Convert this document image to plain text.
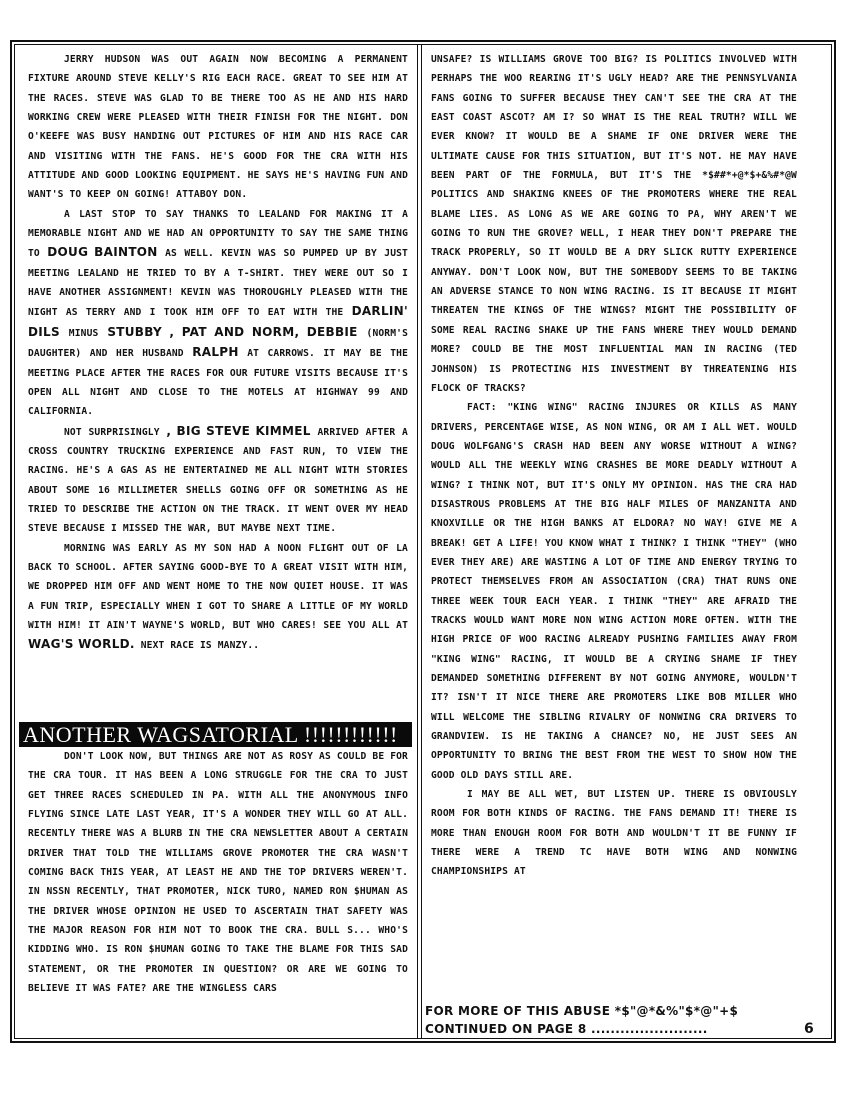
JERRY HUDSON WAS OUT AGAIN NOW BECOMING A PERMANENT FIXTURE AROUND STEVE KELLY'S RIG EACH RACE. GREAT TO SEE HIM AT THE RACES. STEVE WAS GLAD TO BE THERE TOO AS HE AND HIS HARD WORKING CREW WERE PLEASED WITH THEIR FINISH FOR THE NIGHT. DON O'KEEFE WAS BUSY HANDING OUT PICTURES OF HIM AND HIS RACE CAR AND VISITING WITH THE FANS. HE'S GOOD FOR THE CRA WITH HIS ATTITUDE AND GOOD LOOKING EQUIPMENT. HE SAYS HE'S HAVING FUN AND WANT'S TO KEEP ON GOING! ATTABOY DON.

A LAST STOP TO SAY THANKS TO LEALAND FOR MAKING IT A MEMORABLE NIGHT AND WE HAD AN OPPORTUNITY TO SAY THE SAME THING TO DOUG BAINTON AS WELL. KEVIN WAS SO PUMPED UP BY JUST MEETING LEALAND HE TRIED TO BY A T-SHIRT. THEY WERE OUT SO I HAVE ANOTHER ASSIGNMENT! KEVIN WAS THOROUGHLY PLEASED WITH THE NIGHT AS TERRY AND I TOOK HIM OFF TO EAT WITH THE DARLIN' DILS MINUS STUBBY , PAT AND NORM, DEBBIE (NORM'S DAUGHTER) AND HER HUSBAND RALPH AT CARROWS. IT MAY BE THE MEETING PLACE AFTER THE RACES FOR OUR FUTURE VISITS BECAUSE IT'S OPEN ALL NIGHT AND CLOSE TO THE MOTELS AT HIGHWAY 99 AND CALIFORNIA.

NOT SURPRISINGLY , BIG STEVE KIMMEL ARRIVED AFTER A CROSS COUNTRY TRUCKING EXPERIENCE AND FAST RUN, TO VIEW THE RACING. HE'S A GAS AS HE ENTERTAINED ME ALL NIGHT WITH STORIES ABOUT SOME 16 MILLIMETER SHELLS GOING OFF OR SOMETHING AS HE TRIED TO DESCRIBE THE ACTION ON THE TRACK. IT WENT OVER MY HEAD STEVE BECAUSE I MISSED THE WAR, BUT MAYBE NEXT TIME.

MORNING WAS EARLY AS MY SON HAD A NOON FLIGHT OUT OF LA BACK TO SCHOOL. AFTER SAYING GOOD-BYE TO A GREAT VISIT WITH HIM, WE DROPPED HIM OFF AND WENT HOME TO THE NOW QUIET HOUSE. IT WAS A FUN TRIP, ESPECIALLY WHEN I GOT TO SHARE A LITTLE OF MY WORLD WITH HIM! IT AIN'T WAYNE'S WORLD, BUT WHO CARES! SEE YOU ALL AT WAG'S WORLD. NEXT RACE IS MANZY..

ANOTHER WAGSATORIAL !!!!!!!!!!!!

DON'T LOOK NOW, BUT THINGS ARE NOT AS ROSY AS COULD BE FOR THE CRA TOUR. IT HAS BEEN A LONG STRUGGLE FOR THE CRA TO JUST GET THREE RACES SCHEDULED IN PA. WITH ALL THE ANONYMOUS INFO FLYING SINCE LATE LAST YEAR, IT'S A WONDER THEY WILL GO AT ALL. RECENTLY THERE WAS A BLURB IN THE CRA NEWSLETTER ABOUT A CERTAIN DRIVER THAT TOLD THE WILLIAMS GROVE PROMOTER THE CRA WASN'T COMING BACK THIS YEAR, AT LEAST HE AND THE TOP DRIVERS WEREN'T. IN NSSN RECENTLY, THAT PROMOTER, NICK TURO, NAMED RON $HUMAN AS THE DRIVER WHOSE OPINION HE USED TO ASCERTAIN THAT SAFETY WAS THE MAJOR REASON FOR HIM NOT TO BOOK THE CRA. BULL S... WHO'S KIDDING WHO. IS RON $HUMAN GOING TO TAKE THE BLAME FOR THIS SAD STATEMENT, OR THE PROMOTER IN QUESTION? OR ARE WE GOING TO BELIEVE IT WAS FATE? ARE THE WINGLESS CARS

UNSAFE? IS WILLIAMS GROVE TOO BIG? IS POLITICS INVOLVED WITH PERHAPS THE WOO REARING IT'S UGLY HEAD? ARE THE PENNSYLVANIA FANS GOING TO SUFFER BECAUSE THEY CAN'T SEE THE CRA AT THE EAST COAST ASCOT? AM I? SO WHAT IS THE REAL TRUTH? WILL WE EVER KNOW? IT WOULD BE A SHAME IF ONE DRIVER WERE THE ULTIMATE CAUSE FOR THIS SITUATION, BUT IT'S NOT. HE MAY HAVE BEEN PART OF THE FORMULA, BUT IT'S THE *$##*+@*$+&%#*@W POLITICS AND SHAKING KNEES OF THE PROMOTERS WHERE THE REAL BLAME LIES. AS LONG AS WE ARE GOING TO PA, WHY AREN'T WE GOING TO RUN THE GROVE? WELL, I HEAR THEY DON'T PREPARE THE TRACK PROPERLY, SO IT WOULD BE A DRY SLICK RUTTY EXPERIENCE ANYWAY. DON'T LOOK NOW, BUT THE SOMEBODY SEEMS TO BE TAKING AN ADVERSE STANCE TO NON WING RACING. IS IT BECAUSE IT MIGHT THREATEN THE KINGS OF THE WINGS? MIGHT THE POSSIBILITY OF SOME REAL RACING SHAKE UP THE FANS WHERE THEY WOULD DEMAND MORE? COULD BE THE MOST INFLUENTIAL MAN IN RACING (TED JOHNSON) IS PROTECTING HIS INVESTMENT BY THREATENING HIS FLOCK OF TRACKS?

FACT: "KING WING" RACING INJURES OR KILLS AS MANY DRIVERS, PERCENTAGE WISE, AS NON WING, OR AM I ALL WET. WOULD DOUG WOLFGANG'S CRASH HAD BEEN ANY WORSE WITHOUT A WING? WOULD ALL THE WEEKLY WING CRASHES BE MORE DEADLY WITHOUT A WING? I THINK NOT, BUT IT'S ONLY MY OPINION. HAS THE CRA HAD DISASTROUS PROBLEMS AT THE BIG HALF MILES OF MANZANITA AND KNOXVILLE OR THE HIGH BANKS AT ELDORA? NO WAY! GIVE ME A BREAK! GET A LIFE! YOU KNOW WHAT I THINK? I THINK "THEY" (WHO EVER THEY ARE) ARE WASTING A LOT OF TIME AND ENERGY TRYING TO PROTECT THEMSELVES FROM AN ASSOCIATION (CRA) THAT RUNS ONE THREE WEEK TOUR EACH YEAR. I THINK "THEY" ARE AFRAID THE TRACKS WOULD WANT MORE NON WING ACTION MORE OFTEN. WITH THE HIGH PRICE OF WOO RACING ALREADY PUSHING FAMILIES AWAY FROM "KING WING" RACING, IT WOULD BE A CRYING SHAME IF THEY DEMANDED SOMETHING DIFFERENT BY NOT GOING ANYMORE, WOULDN'T IT? ISN'T IT NICE THERE ARE PROMOTERS LIKE BOB MILLER WHO WILL WELCOME THE SIBLING RIVALRY OF NONWING CRA DRIVERS TO GRANDVIEW. IS HE TAKING A CHANCE? NO, HE JUST SEES AN OPPORTUNITY TO BRING THE BEST FROM THE WEST TO SHOW HOW THE GOOD OLD DAYS STILL ARE.

I MAY BE ALL WET, BUT LISTEN UP. THERE IS OBVIOUSLY ROOM FOR BOTH KINDS OF RACING. THE FANS DEMAND IT! THERE IS MORE THAN ENOUGH ROOM FOR BOTH AND WOULDN'T IT BE FUNNY IF THERE WERE A TREND TC HAVE BOTH WING AND NONWING CHAMPIONSHIPS AT

FOR MORE OF THIS ABUSE *$"@*&%"$*@"+$
CONTINUED ON PAGE 8 ........................	6
